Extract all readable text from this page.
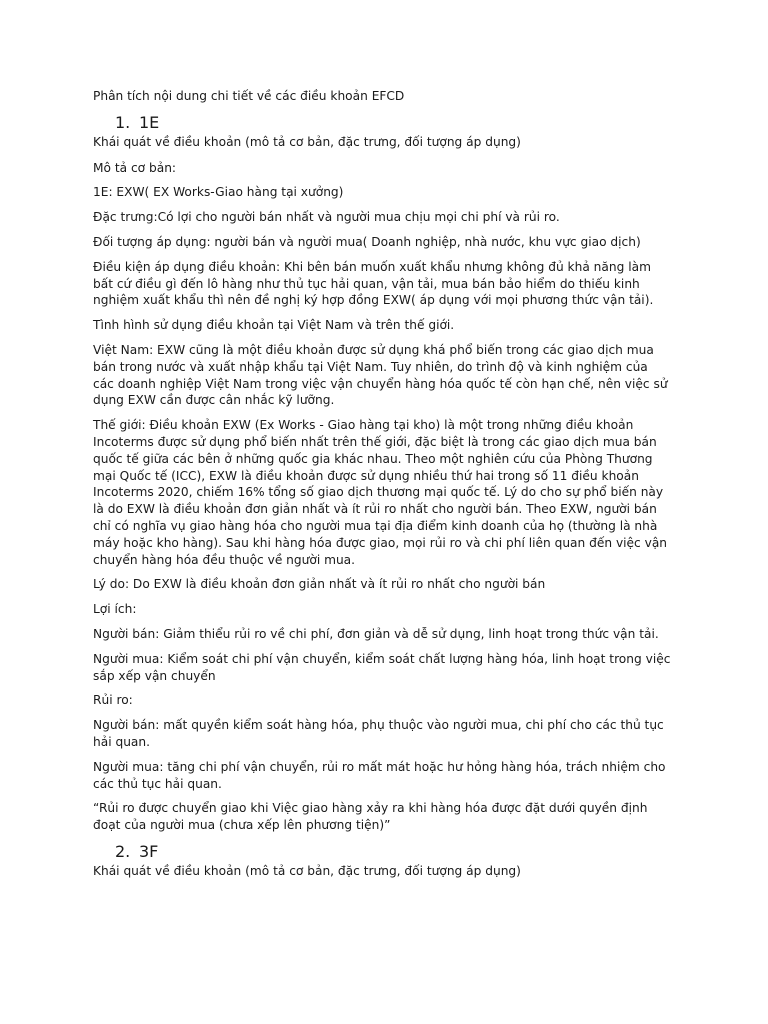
Phân tích nội dung chi tiết về các điều khoản EFCD

1. 1E

Khái quát về điều khoản (mô tả cơ bản, đặc trưng, đối tượng áp dụng)

Mô tả cơ bản:

1E: EXW( EX Works-Giao hàng tại xưởng)

Đặc trưng:Có lợi cho người bán nhất và người mua chịu mọi chi phí và rủi ro.

Đối tượng áp dụng: người bán và người mua( Doanh nghiệp, nhà nước, khu vực giao dịch)

Điều kiện áp dụng điều khoản: Khi bên bán muốn xuất khẩu nhưng không đủ khả năng làm bất cứ điều gì đến lô hàng như thủ tục hải quan, vận tải, mua bán bảo hiểm do thiếu kinh nghiệm xuất khẩu thì nên đề nghị ký hợp đồng EXW( áp dụng với mọi phương thức vận tải).

Tình hình sử dụng điều khoản tại Việt Nam và trên thế giới.

Việt Nam: EXW cũng là một điều khoản được sử dụng khá phổ biến trong các giao dịch mua bán trong nước và xuất nhập khẩu tại Việt Nam. Tuy nhiên, do trình độ và kinh nghiệm của các doanh nghiệp Việt Nam trong việc vận chuyển hàng hóa quốc tế còn hạn chế, nên việc sử dụng EXW cần được cân nhắc kỹ lưỡng.

Thế giới: Điều khoản EXW (Ex Works - Giao hàng tại kho) là một trong những điều khoản Incoterms được sử dụng phổ biến nhất trên thế giới, đặc biệt là trong các giao dịch mua bán quốc tế giữa các bên ở những quốc gia khác nhau. Theo một nghiên cứu của Phòng Thương mại Quốc tế (ICC), EXW là điều khoản được sử dụng nhiều thứ hai trong số 11 điều khoản Incoterms 2020, chiếm 16% tổng số giao dịch thương mại quốc tế. Lý do cho sự phổ biến này là do EXW là điều khoản đơn giản nhất và ít rủi ro nhất cho người bán. Theo EXW, người bán chỉ có nghĩa vụ giao hàng hóa cho người mua tại địa điểm kinh doanh của họ (thường là nhà máy hoặc kho hàng). Sau khi hàng hóa được giao, mọi rủi ro và chi phí liên quan đến việc vận chuyển hàng hóa đều thuộc về người mua.

Lý do: Do EXW là điều khoản đơn giản nhất và ít rủi ro nhất cho người bán

Lợi ích:

Người bán: Giảm thiểu rủi ro về chi phí, đơn giản và dễ sử dụng, linh hoạt trong thức vận tải.

Người mua: Kiểm soát chi phí vận chuyển, kiểm soát chất lượng hàng hóa, linh hoạt trong việc sắp xếp vận chuyển

Rủi ro:

Người bán: mất quyền kiểm soát hàng hóa, phụ thuộc vào người mua, chi phí cho các thủ tục hải quan.

Người mua: tăng chi phí vận chuyển, rủi ro mất mát hoặc hư hỏng hàng hóa, trách nhiệm cho các thủ tục hải quan.

“Rủi ro được chuyển giao khi Việc giao hàng xảy ra khi hàng hóa được đặt dưới quyền định đoạt của người mua (chưa xếp lên phương tiện)”

2. 3F

Khái quát về điều khoản (mô tả cơ bản, đặc trưng, đối tượng áp dụng)
